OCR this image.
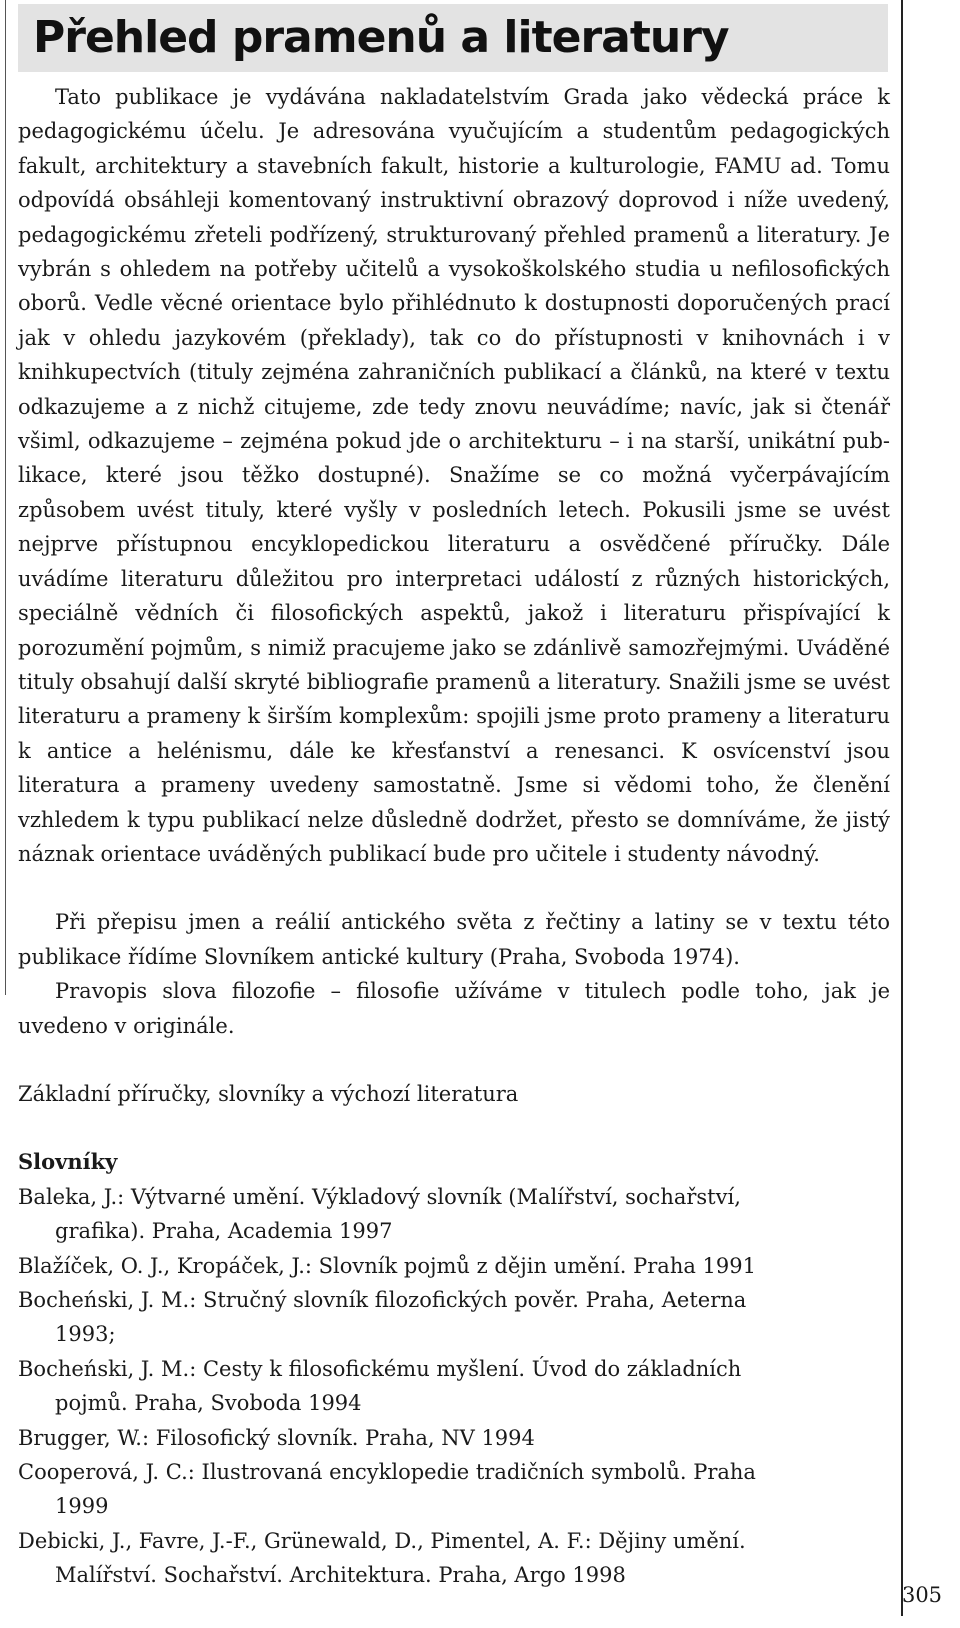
Přehled pramenů a literatury

Tato publikace je vydávána nakladatelstvím Grada jako vědecká práce k pedagogickému účelu. Je adresována vyučujícím a studentům pedagogických fakult, architektury a stavebních fakult, historie a kulturologie, FAMU ad. Tomu odpovídá obsáhleji komentovaný instruktivní obrazový doprovod i níže uvedený, pedagogickému zřeteli podřízený, strukturovaný přehled pramenů a literatury. Je vybrán s ohledem na potřeby učitelů a vysokoškolského studia u nefilosofických oborů. Vedle věcné orientace bylo přihlédnuto k dostupnosti doporučených prací jak v ohledu jazykovém (překlady), tak co do přístupnosti v knihovnách i v knihkupectvích (tituly zejména zahraničních publikací a článků, na které v textu odkazujeme a z nichž citujeme, zde tedy znovu neuvádíme; navíc, jak si čtenář všiml, odkazujeme – zejména pokud jde o architekturu – i na starší, unikátní publikace, které jsou těžko dostupné). Snažíme se co možná vyčerpávajícím způsobem uvést tituly, které vyšly v posledních letech. Pokusili jsme se uvést nejprve přístupnou encyklopedickou literaturu a osvědčené příručky. Dále uvádíme literaturu důležitou pro interpretaci událostí z různých historických, speciálně vědních či filosofických aspektů, jakož i literaturu přispívající k porozumění pojmům, s nimiž pracujeme jako se zdánlivě samozřejmými. Uváděné tituly obsahují další skryté bibliografie pramenů a literatury. Snažili jsme se uvést literaturu a prameny k širším komplexům: spojili jsme proto prameny a literaturu k antice a helénismu, dále ke křesťanství a renesanci. K osvícenství jsou literatura a prameny uvedeny samostatně. Jsme si vědomi toho, že členění vzhledem k typu publikací nelze důsledně dodržet, přesto se domníváme, že jistý náznak orientace uváděných publikací bude pro učitele i studenty návodný.

Při přepisu jmen a reálií antického světa z řečtiny a latiny se v textu této publikace řídíme Slovníkem antické kultury (Praha, Svoboda 1974).

Pravopis slova filozofie – filosofie užíváme v titulech podle toho, jak je uvedeno v originále.

Základní příručky, slovníky a výchozí literatura

Slovníky

Baleka, J.: Výtvarné umění. Výkladový slovník (Malířství, sochařství, grafika). Praha, Academia 1997
Blažíček, O. J., Kropáček, J.: Slovník pojmů z dějin umění. Praha 1991
Bocheński, J. M.: Stručný slovník filozofických pověr. Praha, Aeterna 1993;
Bocheński, J. M.: Cesty k filosofickému myšlení. Úvod do základních pojmů. Praha, Svoboda 1994
Brugger, W.: Filosofický slovník. Praha, NV 1994
Cooperová, J. C.: Ilustrovaná encyklopedie tradičních symbolů. Praha 1999
Debicki, J., Favre, J.-F., Grünewald, D., Pimentel, A. F.: Dějiny umění. Malířství. Sochařství. Architektura. Praha, Argo 1998
305
